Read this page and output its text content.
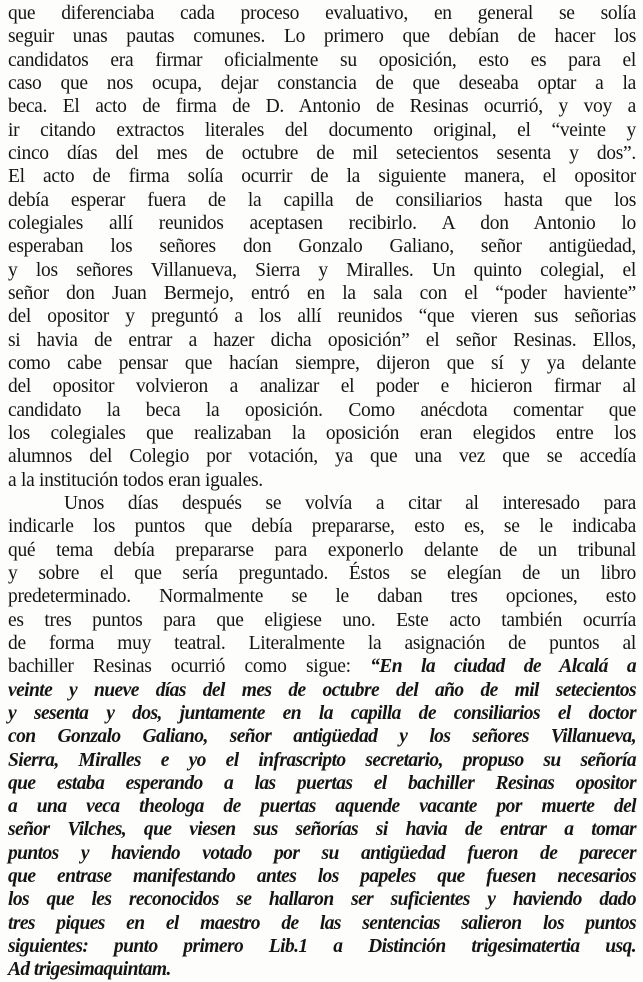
que diferenciaba cada proceso evaluativo, en general se solía
seguir unas pautas comunes. Lo primero que debían de hacer los
candidatos era firmar oficialmente su oposición, esto es para el
caso que nos ocupa, dejar constancia de que deseaba optar a la
beca. El acto de firma de D. Antonio de Resinas ocurrió, y voy a
ir citando extractos literales del documento original, el “veinte y
cinco días del mes de octubre de mil setecientos sesenta y dos”.
El acto de firma solía ocurrir de la siguiente manera, el opositor
debía esperar fuera de la capilla de consiliarios hasta que los
colegiales allí reunidos aceptasen recibirlo. A don Antonio lo
esperaban los señores don Gonzalo Galiano, señor antigüedad,
y los señores Villanueva, Sierra y Miralles. Un quinto colegial, el
señor don Juan Bermejo, entró en la sala con el “poder haviente”
del opositor y preguntó a los allí reunidos “que vieren sus señorias
si havia de entrar a hazer dicha oposición” el señor Resinas. Ellos,
como cabe pensar que hacían siempre, dijeron que sí y ya delante
del opositor volvieron a analizar el poder e hicieron firmar al
candidato la beca la oposición. Como anécdota comentar que
los colegiales que realizaban la oposición eran elegidos entre los
alumnos del Colegio por votación, ya que una vez que se accedía
a la institución todos eran iguales.
Unos días después se volvía a citar al interesado para
indicarle los puntos que debía prepararse, esto es, se le indicaba
qué tema debía prepararse para exponerlo delante de un tribunal
y sobre el que sería preguntado. Éstos se elegían de un libro
predeterminado. Normalmente se le daban tres opciones, esto
es tres puntos para que eligiese uno. Este acto también ocurría
de forma muy teatral. Literalmente la asignación de puntos al
bachiller Resinas ocurrió como sigue: “En la ciudad de Alcalá a
veinte y nueve días del mes de octubre del año de mil setecientos
y sesenta y dos, juntamente en la capilla de consiliarios el doctor
con Gonzalo Galiano, señor antigüedad y los señores Villanueva,
Sierra, Miralles e yo el infrascripto secretario, propuso su señoría
que estaba esperando a las puertas el bachiller Resinas opositor
a una veca theologa de puertas aquende vacante por muerte del
señor Vilches, que viesen sus señorías si havia de entrar a tomar
puntos y haviendo votado por su antigüedad fueron de parecer
que entrase manifestando antes los papeles que fuesen necesarios
los que les reconocidos se hallaron ser suficientes y haviendo dado
tres piques en el maestro de las sentencias salieron los puntos
siguientes: punto primero Lib.1 a Distinción trigesimatertia usq.
Ad trigesimaquintam.
